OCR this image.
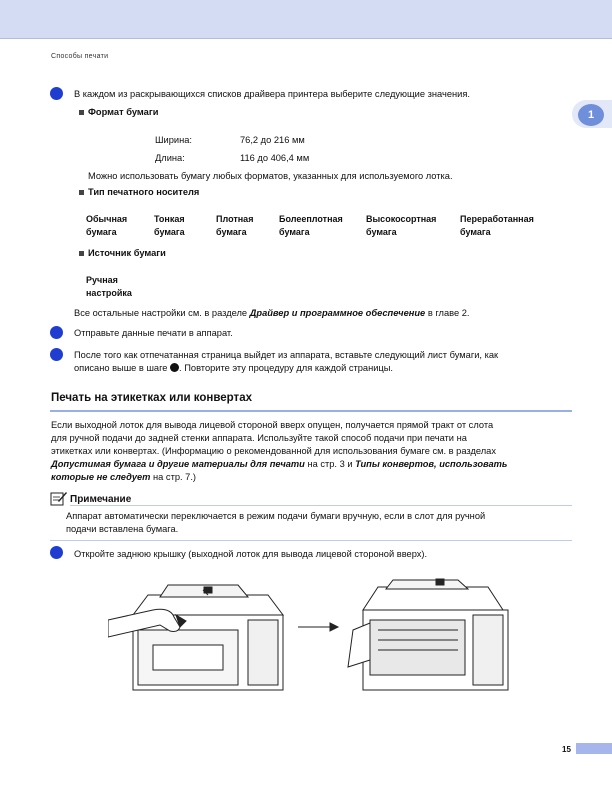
Способы печати
1
В каждом из раскрывающихся списков драйвера принтера выберите следующие значения.
Формат бумаги
Ширина:	76,2 до 216 мм
Длина:	116 до 406,4 мм
Можно использовать бумагу любых форматов, указанных для используемого лотка.
Тип печатного носителя
Обычная
бумага
Тонкая
бумага
Плотная
бумага
Болееплотная
бумага
Высокосортная
бумага
Переработанная
бумага
Источник бумаги
Ручная
настройка
Все остальные настройки см. в разделе Драйвер и программное обеспечение в главе 2.
Отправьте данные печати в аппарат.
После того как отпечатанная страница выйдет из аппарата, вставьте следующий лист бумаги, как
описано выше в шаге . Повторите эту процедуру для каждой страницы.
Печать на этикетках или конвертах
Если выходной лоток для вывода лицевой стороной вверх опущен, получается прямой тракт от слота
для ручной подачи до задней стенки аппарата. Используйте такой способ подачи при печати на
этикетках или конвертах. (Информацию о рекомендованной для использования бумаге см. в разделах
Допустимая бумага и другие материалы для печати на стр. 3 и Типы конвертов, использовать
которые не следует на стр. 7.)
Примечание
Аппарат автоматически переключается в режим подачи бумаги вручную, если в слот для ручной
подачи вставлена бумага.
Откройте заднюю крышку (выходной лоток для вывода лицевой стороной вверх).
15
